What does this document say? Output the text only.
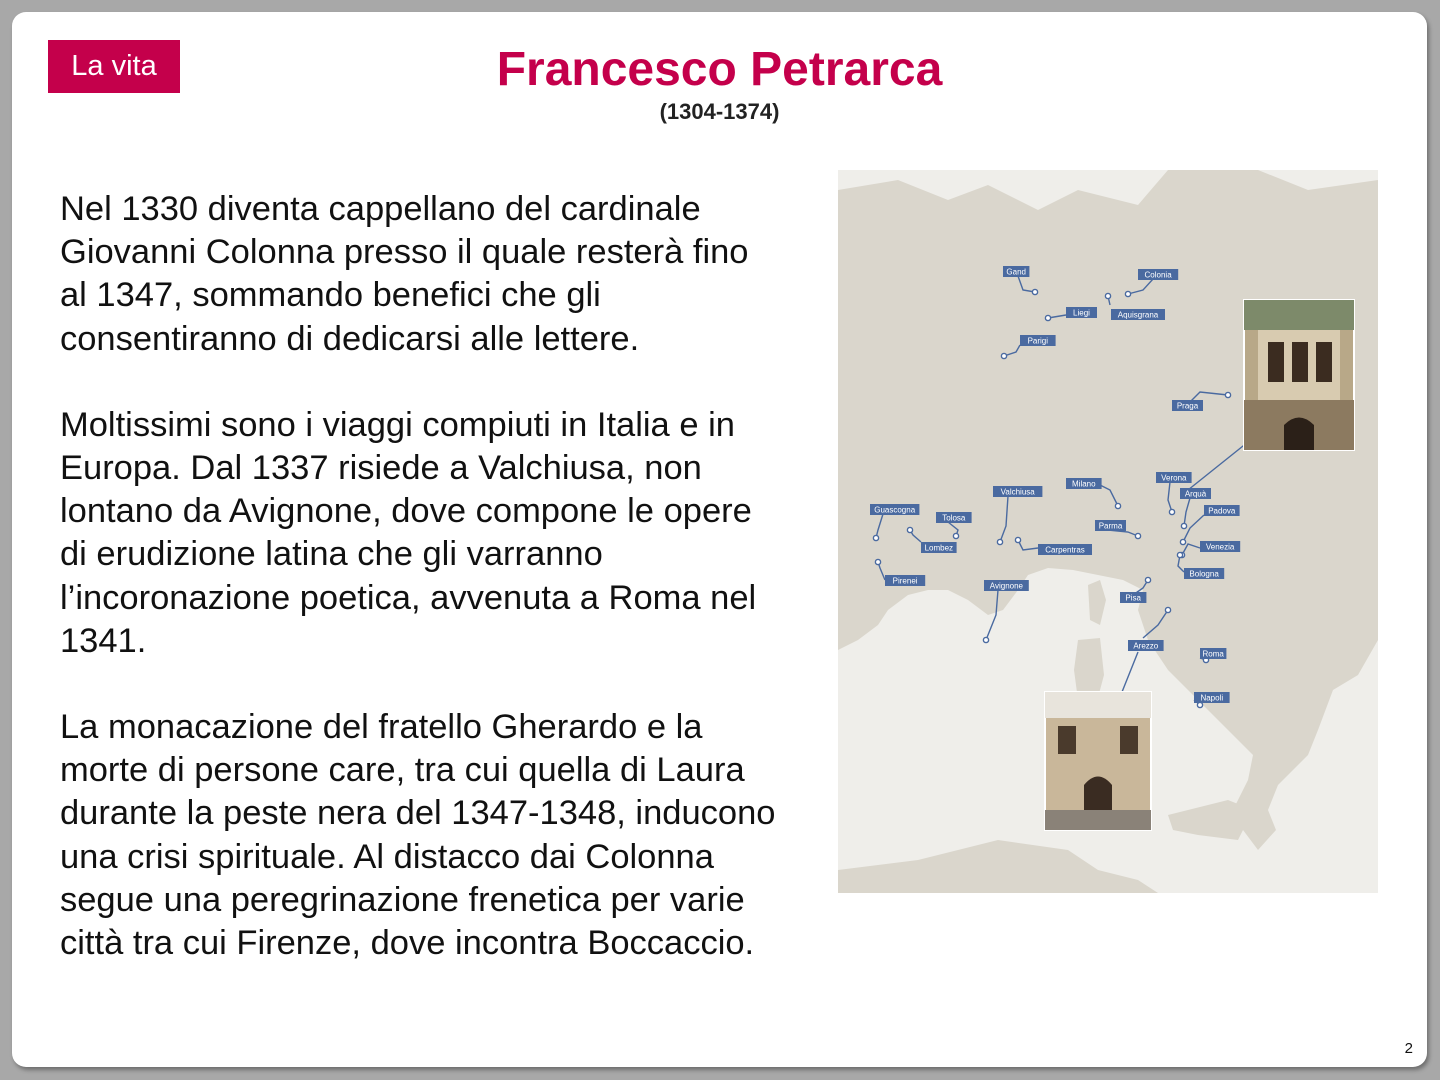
La vita	Francesco Petrarca
(1304-1374)

Nel 1330 diventa cappellano del cardinale Giovanni Colonna presso il quale resterà fino al 1347, sommando benefici che gli consentiranno di dedicarsi alle lettere.

Moltissimi sono i viaggi compiuti in Italia e in Europa. Dal 1337 risiede a Valchiusa, non lontano da Avignone, dove compone le opere di erudizione latina che gli varranno l’incoronazione poetica, avvenuta a Roma nel 1341.

La monacazione del fratello Gherardo e la morte di persone care, tra cui quella di Laura durante la peste nera del 1347-1348, inducono una crisi spirituale. Al distacco dai Colonna segue una peregrinazione frenetica per varie città tra cui Firenze, dove incontra Boccaccio.

Gand	Colonia
Liegi	Aquisgrana
Parigi
Praga
Milano
Valchiusa
Verona
Arquà
Padova
Guascogna
Tolosa
Parma
Lombez	Carpentras	Venezia
Bologna
Pirenei
Avignone
Pisa
Arezzo
Roma
Napoli
2
